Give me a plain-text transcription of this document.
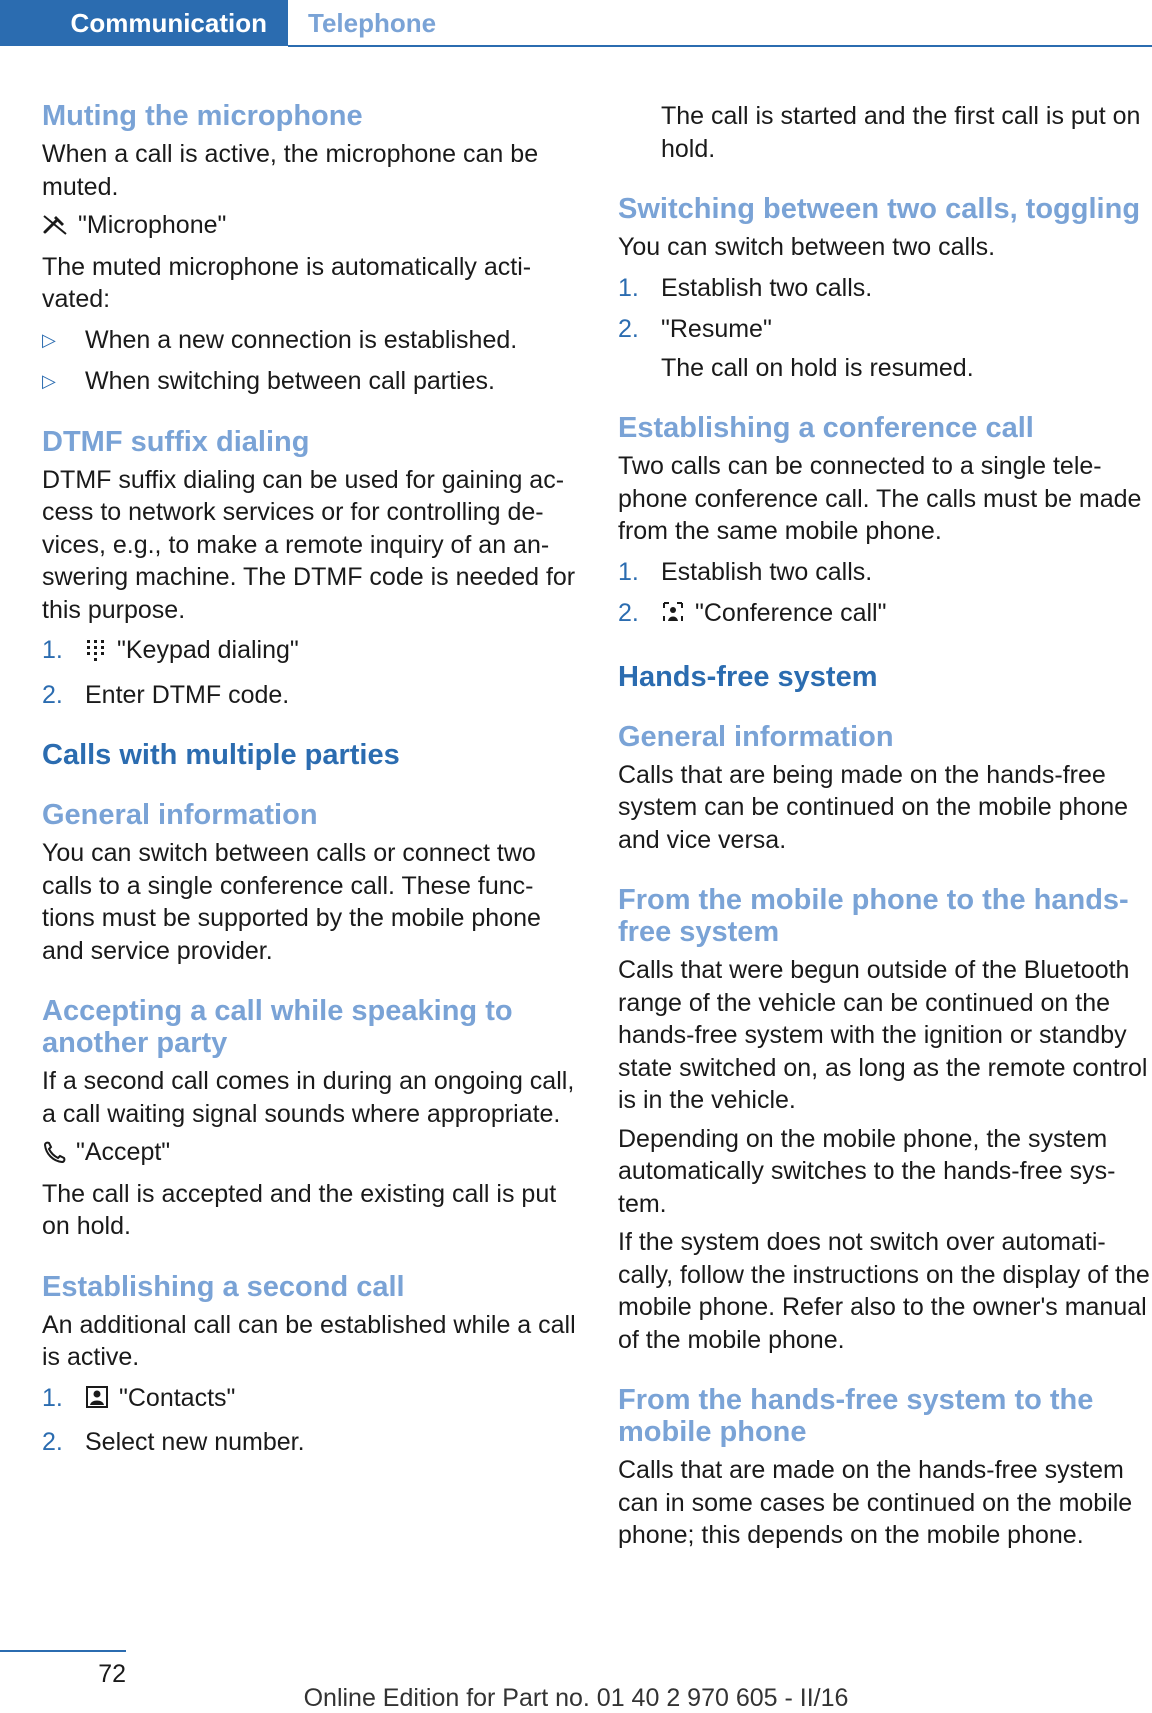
Communication	Telephone
Muting the microphone

When a call is active, the microphone can be muted.

"Microphone"

The muted microphone is automatically activated:

▷ When a new connection is established.
▷ When switching between call parties.
DTMF suffix dialing

DTMF suffix dialing can be used for gaining access to network services or for controlling devices, e.g., to make a remote inquiry of an answering machine. The DTMF code is needed for this purpose.

1. "Keypad dialing"
2. Enter DTMF code.
Calls with multiple parties
General information

You can switch between calls or connect two calls to a single conference call. These functions must be supported by the mobile phone and service provider.

Accepting a call while speaking to another party

If a second call comes in during an ongoing call, a call waiting signal sounds where appropriate.

"Accept"

The call is accepted and the existing call is put on hold.

Establishing a second call

An additional call can be established while a call is active.

1. "Contacts"
2. Select new number.

The call is started and the first call is put on hold.

Switching between two calls, toggling

You can switch between two calls.

1. Establish two calls.
2. "Resume"
The call on hold is resumed.
Establishing a conference call

Two calls can be connected to a single telephone conference call. The calls must be made from the same mobile phone.

1. Establish two calls.
2. "Conference call"
Hands-free system
General information

Calls that are being made on the hands-free system can be continued on the mobile phone and vice versa.

From the mobile phone to the hands-free system

Calls that were begun outside of the Bluetooth range of the vehicle can be continued on the hands-free system with the ignition or standby state switched on, as long as the remote control is in the vehicle.

Depending on the mobile phone, the system automatically switches to the hands-free system.

If the system does not switch over automatically, follow the instructions on the display of the mobile phone. Refer also to the owner's manual of the mobile phone.

From the hands-free system to the mobile phone

Calls that are made on the hands-free system can in some cases be continued on the mobile phone; this depends on the mobile phone.

72
Online Edition for Part no. 01 40 2 970 605 - II/16
